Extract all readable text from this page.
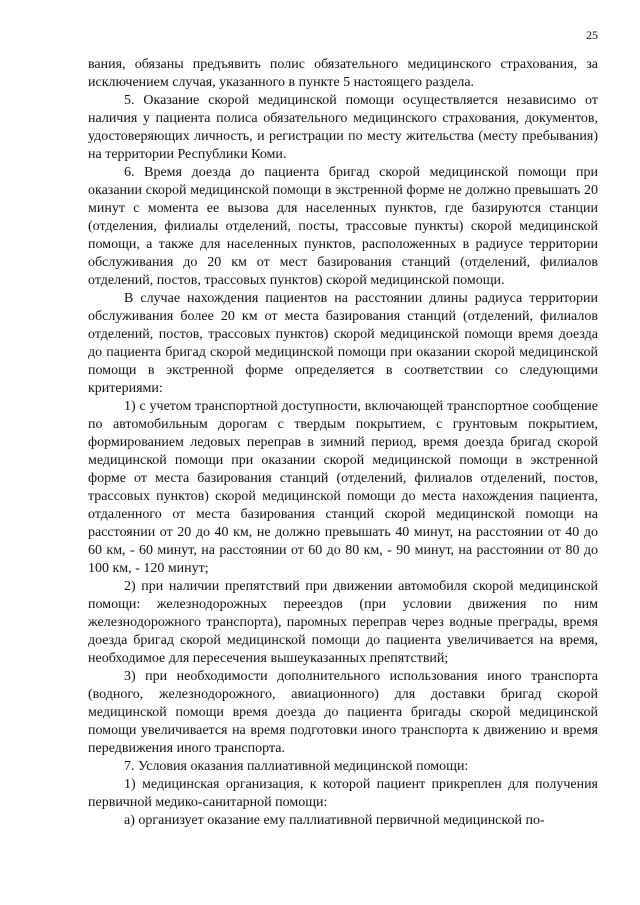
25

вания, обязаны предъявить полис обязательного медицинского страхования, за исключением случая, указанного в пункте 5 настоящего раздела.

5. Оказание скорой медицинской помощи осуществляется независимо от наличия у пациента полиса обязательного медицинского страхования, документов, удостоверяющих личность, и регистрации по месту жительства (месту пребывания) на территории Республики Коми.

6. Время доезда до пациента бригад скорой медицинской помощи при оказании скорой медицинской помощи в экстренной форме не должно превышать 20 минут с момента ее вызова для населенных пунктов, где базируются станции (отделения, филиалы отделений, посты, трассовые пункты) скорой медицинской помощи, а также для населенных пунктов, расположенных в радиусе территории обслуживания до 20 км от мест базирования станций (отделений, филиалов отделений, постов, трассовых пунктов) скорой медицинской помощи.

В случае нахождения пациентов на расстоянии длины радиуса территории обслуживания более 20 км от места базирования станций (отделений, филиалов отделений, постов, трассовых пунктов) скорой медицинской помощи время доезда до пациента бригад скорой медицинской помощи при оказании скорой медицинской помощи в экстренной форме определяется в соответствии со следующими критериями:

1) с учетом транспортной доступности, включающей транспортное сообщение по автомобильным дорогам с твердым покрытием, с грунтовым покрытием, формированием ледовых переправ в зимний период, время доезда бригад скорой медицинской помощи при оказании скорой медицинской помощи в экстренной форме от места базирования станций (отделений, филиалов отделений, постов, трассовых пунктов) скорой медицинской помощи до места нахождения пациента, отдаленного от места базирования станций скорой медицинской помощи на расстоянии от 20 до 40 км, не должно превышать 40 минут, на расстоянии от 40 до 60 км, - 60 минут, на расстоянии от 60 до 80 км, - 90 минут, на расстоянии от 80 до 100 км, - 120 минут;

2) при наличии препятствий при движении автомобиля скорой медицинской помощи: железнодорожных переездов (при условии движения по ним железнодорожного транспорта), паромных переправ через водные преграды, время доезда бригад скорой медицинской помощи до пациента увеличивается на время, необходимое для пересечения вышеуказанных препятствий;

3) при необходимости дополнительного использования иного транспорта (водного, железнодорожного, авиационного) для доставки бригад скорой медицинской помощи время доезда до пациента бригады скорой медицинской помощи увеличивается на время подготовки иного транспорта к движению и время передвижения иного транспорта.

7. Условия оказания паллиативной медицинской помощи:

1) медицинская организация, к которой пациент прикреплен для получения первичной медико-санитарной помощи:

а) организует оказание ему паллиативной первичной медицинской по-
